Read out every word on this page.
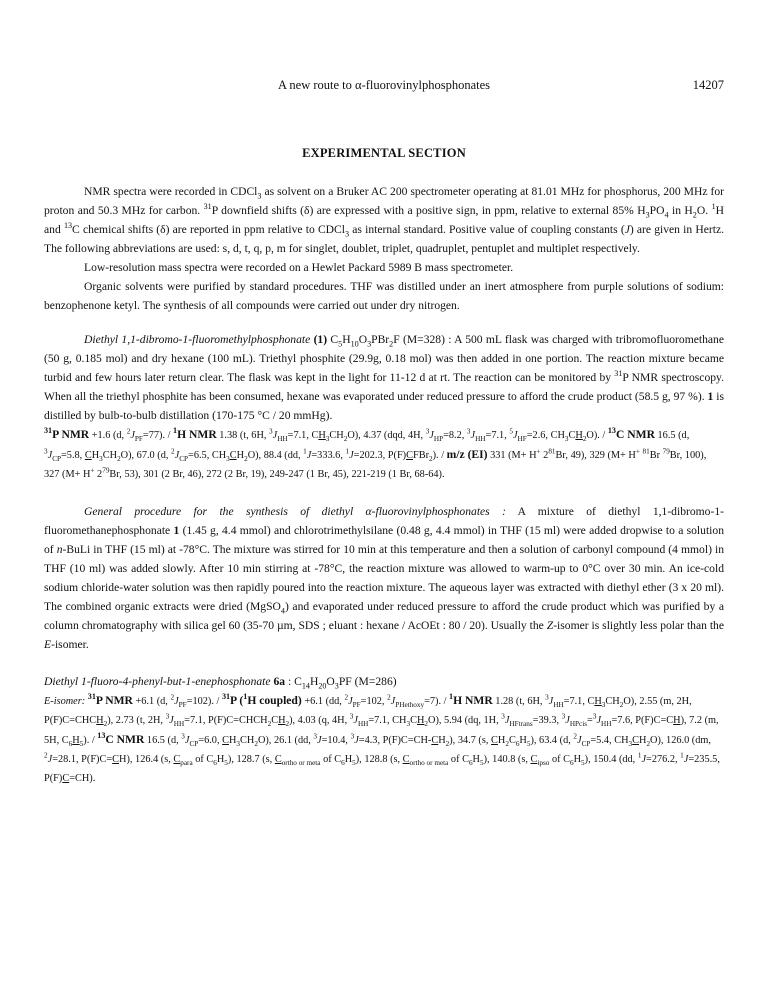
A new route to α-fluorovinylphosphonates	14207
EXPERIMENTAL SECTION

NMR spectra were recorded in CDCl$_3$ as solvent on a Bruker AC 200 spectrometer operating at 81.01 MHz for phosphorus, 200 MHz for proton and 50.3 MHz for carbon. $^{31}$P downfield shifts (δ) are expressed with a positive sign, in ppm, relative to external 85% $H_3PO_4$ in $H_2O$. $^1$H and $^{13}$C chemical shifts (δ) are reported in ppm relative to CDCl$_3$ as internal standard. Positive value of coupling constants (J) are given in Hertz. The following abbreviations are used: s, d, t, q, p, m for singlet, doublet, triplet, quadruplet, pentuplet and multiplet respectively.

Low-resolution mass spectra were recorded on a Hewlet Packard 5989 B mass spectrometer.

Organic solvents were purified by standard procedures. THF was distilled under an inert atmosphere from purple solutions of sodium: benzophenone ketyl. The synthesis of all compounds were carried out under dry nitrogen.

Diethyl 1,1-dibromo-1-fluoromethylphosphonate (1) $C_5H_{10}O_3PBr_2F$ (M=328) : A 500 mL flask was charged with tribromofluoromethane (50 g, 0.185 mol) and dry hexane (100 mL). Triethyl phosphite (29.9g, 0.18 mol) was then added in one portion. The reaction mixture became turbid and few hours later return clear. The flask was kept in the light for 11-12 d at rt. The reaction can be monitored by $^{31}$P NMR spectroscopy. When all the triethyl phosphite has been consumed, hexane was evaporated under reduced pressure to afford the crude product (58.5 g, 97 %). 1 is distilled by bulb-to-bulb distillation (170-175 °C / 20 mmHg).

$^{31}$P NMR +1.6 (d, $^2J_{PF}=77$). / $^1$H NMR 1.38 (t, 6H, $^3J_{HH}=7.1$, $CH_3CH_2O$), 4.37 (dqd, 4H, $^3J_{HP}=8.2$, $^3J_{HH}=7.1$, $^5J_{HF}=2.6$, $CH_3CH_2O$). / $^{13}$C NMR 16.5 (d, $^3J_{CP}=5.8$, $CH_3CH_2O$), 67.0 (d, $^2J_{CP}=6.5$, $CH_3CH_2O$), 88.4 (dd, $^1$J=333.6, $^1$J=202.3, P(F)CFBr$_2$). / m/z (EI) 331 (M+ H+ $2^{81}Br$, 49), 329 (M+ H+ $^{81}$Br $^{79}$Br, 100), 327 (M+ H+ $2^{79}Br$, 53), 301 (2 Br, 46), 272 (2 Br, 19), 249-247 (1 Br, 45), 221-219 (1 Br, 68-64).

General procedure for the synthesis of diethyl α-fluorovinylphosphonates : A mixture of diethyl 1,1-dibromo-1-fluoromethanephosphonate 1 (1.45 g, 4.4 mmol) and chlorotrimethylsilane (0.48 g, 4.4 mmol) in THF (15 ml) were added dropwise to a solution of n-BuLi in THF (15 ml) at -78°C. The mixture was stirred for 10 min at this temperature and then a solution of carbonyl compound (4 mmol) in THF (10 ml) was added slowly. After 10 min stirring at -78°C, the reaction mixture was allowed to warm-up to 0°C over 30 min. An ice-cold sodium chloride-water solution was then rapidly poured into the reaction mixture. The aqueous layer was extracted with diethyl ether (3 x 20 ml). The combined organic extracts were dried (MgSO$_4$) and evaporated under reduced pressure to afford the crude product which was purified by a column chromatography with silica gel 60 (35-70 µm, SDS ; eluant : hexane / AcOEt : 80 / 20). Usually the Z-isomer is slightly less polar than the E-isomer.

Diethyl 1-fluoro-4-phenyl-but-1-enephosphonate 6a : $C_{14}H_{20}O_3PF$ (M=286)

E-isomer: $^{31}$P NMR +6.1 (d, $^2J_{PF}=102$). / $^{31}$P ($^1$H coupled) +6.1 (dd, $^2J_{PF}=102$, $^2J_{PHethoxy}=7$). / $^1$H NMR 1.28 (t, 6H, $^3J_{HH}=7.1$, $CH_3CH_2O$), 2.55 (m, 2H, $P(F)C=CHCH_2$), 2.73 (t, 2H, $^3J_{HH}=7.1$, $P(F)C=CHCH_2CH_2$), 4.03 (q, 4H, $^3J_{HH}=7.1$, $CH_3CH_2O$), 5.94 (dq, 1H, $^3J_{HFtrans}=39.3$, $^3J_{HPcis}=^3J_{HH}=7.6$, P(F)C=CH), 7.2 (m, 5H, $C_6H_5$). / $^{13}$C NMR 16.5 (d, $^3J_{CP}=6.0$, $CH_3CH_2O$), 26.1 (dd, $^3$J=10.4, $^3$J=4.3, $P(F)C=CH-CH_2$), 34.7 (s, $CH_2C_6H_5$), 63.4 (d, $^2J_{CP}=5.4$, $CH_3CH_2O$), 126.0 (dm, $^2$J=28.1, P(F)C=CH), 126.4 (s, $C_{para}$ of $C_6H_5$), 128.7 (s, $C_{ortho or meta}$ of $C_6H_5$), 128.8 (s, $C_{ortho or meta}$ of $C_6H_5$), 140.8 (s, $C_{ipso}$ of $C_6H_5$), 150.4 (dd, $^1$J=276.2, $^1$J=235.5, P(F)C=CH).
